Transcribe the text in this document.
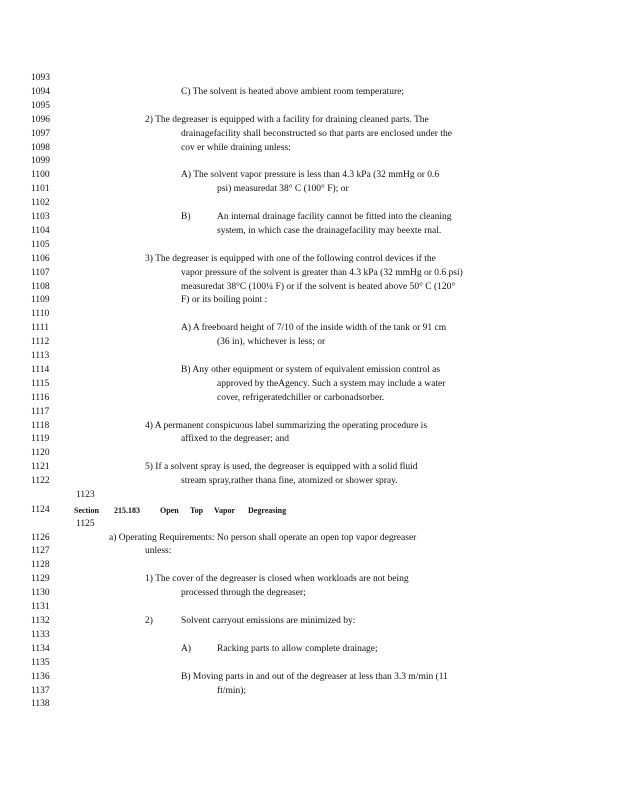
1093
1094
1095
1096
1097
1098
1099
1100
1101
1102
1103
1104
1105
1106
1107
1108
1109
1110
1111
1112
1113
1114
1115
1116
1117
1118
1119
1120
1121
1122
1123
1124
1125
1126
1127
1128
1129
1130
1131
1132
1133
1134
1135
1136
1137
1138
C) The solvent is heated above ambient room temperature;
2) The degreaser is equipped with a facility for draining cleaned parts. The
drainagefacility shall beconstructed so that parts are enclosed under the
cov er while draining unless:
A) The solvent vapor pressure is less than 4.3 kPa (32 mmHg or 0.6
psi) measuredat 38° C (100° F); or
B)	An internal drainage facility cannot be fitted into the cleaning
system, in which case the drainagefacility may beexte rnal.
3) The degreaser is equipped with one of the following control devices if the
vapor pressure of the solvent is greater than 4.3 kPa (32 mmHg or 0.6 psi)
measuredat 38°C (100¼ F) or if the solvent is heated above 50° C (120°
F) or its boiling point :
A) A freeboard height of 7/10 of the inside width of the tank or 91 cm
(36 in), whichever is less; or
B) Any other equipment or system of equivalent emission control as
approved by theAgency. Such a system may include a water
cover, refrigeratedchiller or carbonadsorber.
4) A permanent conspicuous label summarizing the operating procedure is
affixed to the degreaser; and
5) If a solvent spray is used, the degreaser is equipped with a solid fluid
stream spray,rather thana fine, atomized or shower spray.
Section 215.183	Open Top Vapor Degreasing
a) Operating Requirements: No person shall operate an open top vapor degreaser
unless:
1) The cover of the degreaser is closed when workloads are not being
processed through the degreaser;
2)	Solvent carryout emissions are minimized by:
A)	Racking parts to allow complete drainage;
B) Moving parts in and out of the degreaser at less than 3.3 m/min (11
ft/min);
